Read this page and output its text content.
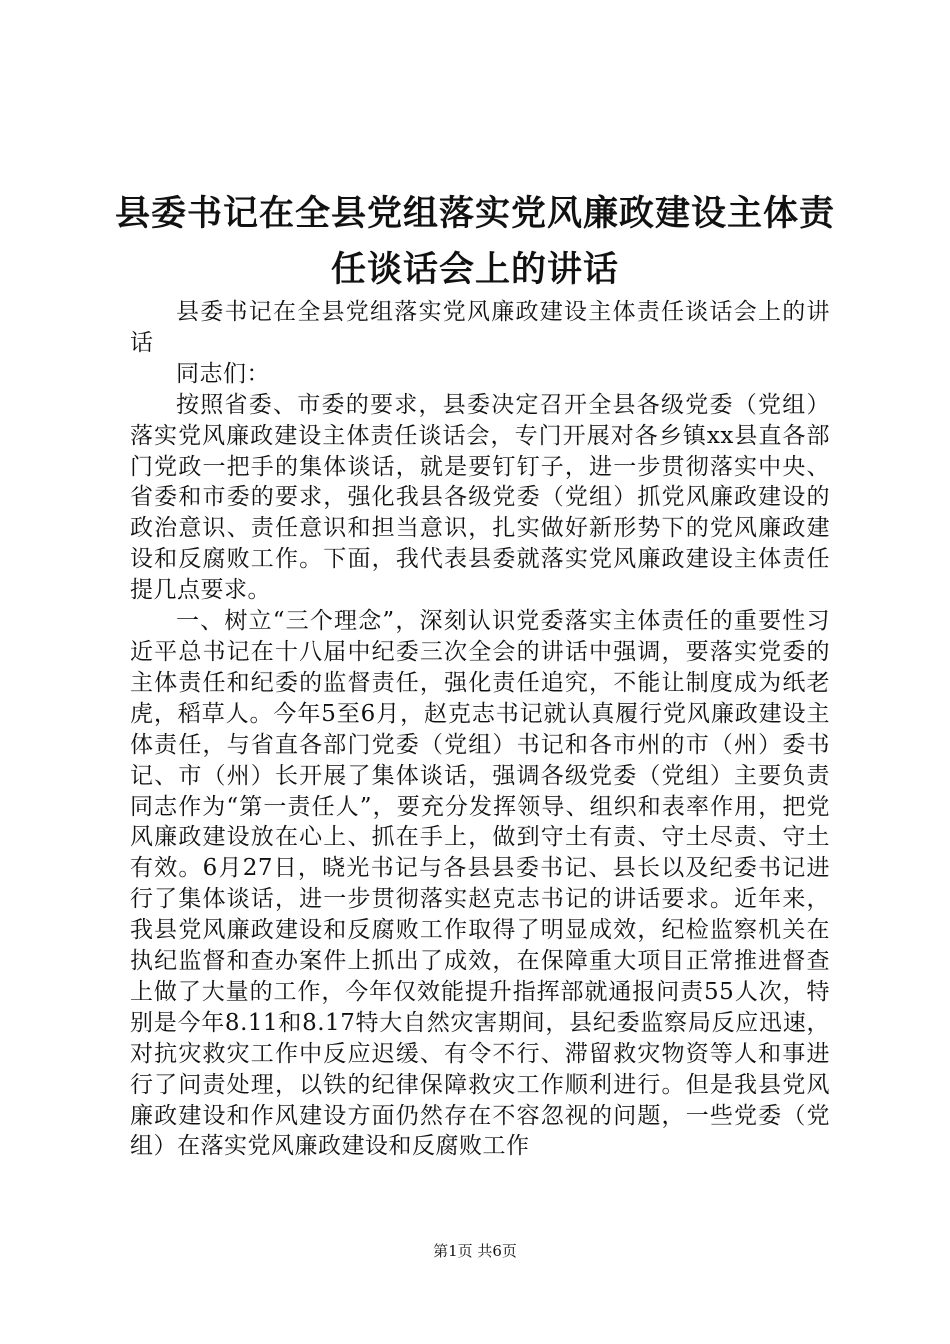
县委书记在全县党组落实党风廉政建设主体责任谈话会上的讲话

县委书记在全县党组落实党风廉政建设主体责任谈话会上的讲话

同志们：

按照省委、市委的要求，县委决定召开全县各级党委（党组）落实党风廉政建设主体责任谈话会，专门开展对各乡镇xx县直各部门党政一把手的集体谈话，就是要钉钉子，进一步贯彻落实中央、省委和市委的要求，强化我县各级党委（党组）抓党风廉政建设的政治意识、责任意识和担当意识，扎实做好新形势下的党风廉政建设和反腐败工作。下面，我代表县委就落实党风廉政建设主体责任提几点要求。

一、树立“三个理念”，深刻认识党委落实主体责任的重要性习近平总书记在十八届中纪委三次全会的讲话中强调，要落实党委的主体责任和纪委的监督责任，强化责任追究，不能让制度成为纸老虎，稻草人。今年5至6月，赵克志书记就认真履行党风廉政建设主体责任，与省直各部门党委（党组）书记和各市州的市（州）委书记、市（州）长开展了集体谈话，强调各级党委（党组）主要负责同志作为“第一责任人”，要充分发挥领导、组织和表率作用，把党风廉政建设放在心上、抓在手上，做到守土有责、守土尽责、守土有效。6月27日，晓光书记与各县县委书记、县长以及纪委书记进行了集体谈话，进一步贯彻落实赵克志书记的讲话要求。近年来，我县党风廉政建设和反腐败工作取得了明显成效，纪检监察机关在执纪监督和查办案件上抓出了成效，在保障重大项目正常推进督查上做了大量的工作，今年仅效能提升指挥部就通报问责55人次，特别是今年8.11和8.17特大自然灾害期间，县纪委监察局反应迅速，对抗灾救灾工作中反应迟缓、有令不行、滞留救灾物资等人和事进行了问责处理，以铁的纪律保障救灾工作顺利进行。但是我县党风廉政建设和作风建设方面仍然存在不容忽视的问题，一些党委（党组）在落实党风廉政建设和反腐败工作

第1页 共6页
